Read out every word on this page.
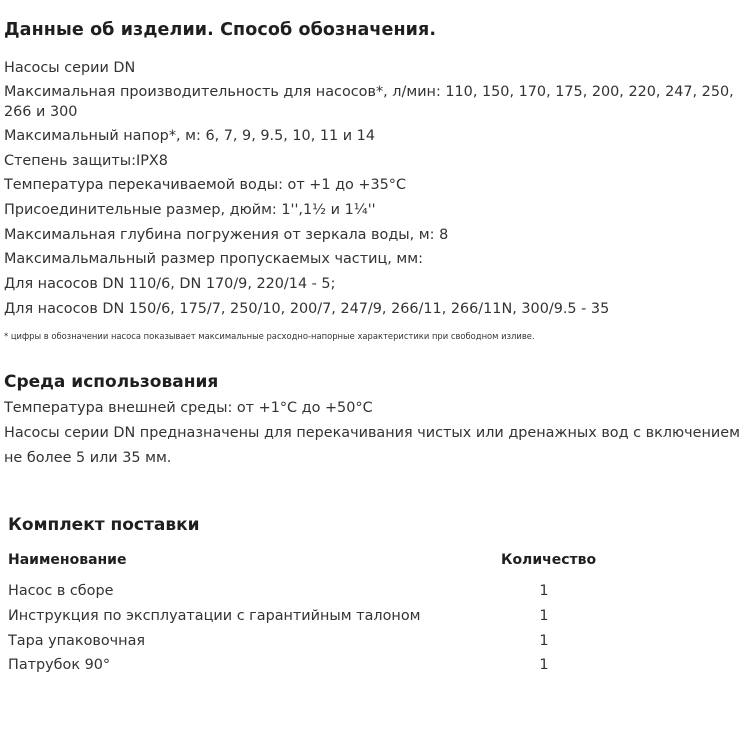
Данные об изделии. Способ обозначения.
Насосы серии DN
Максимальная производительность для насосов*, л/мин: 110, 150, 170, 175, 200, 220, 247, 250,
266 и 300
Максимальный напор*, м: 6, 7, 9, 9.5, 10, 11 и 14
Степень защиты:IPX8
Температура перекачиваемой воды: от +1 до +35°С
Присоединительные размер, дюйм: 1'',1½ и 1¼''
Максимальная глубина погружения от зеркала воды, м: 8
Максимальмальный размер пропускаемых частиц, мм:
Для насосов DN 110/6, DN 170/9, 220/14 - 5;
Для насосов DN 150/6, 175/7, 250/10, 200/7, 247/9, 266/11, 266/11N, 300/9.5 - 35
* цифры в обозначении насоса показывает максимальные расходно-напорные характеристики при свободном изливе.
Среда использования
Температура внешней среды: от +1°С до +50°С
Насосы серии DN предназначены для перекачивания чистых или дренажных вод с включением
не более 5 или 35 мм.
Комплект поставки
Наименование	Количество
Насос в сборе	1
Инструкция по эксплуатации с гарантийным талоном	1
Тара упаковочная	1
Патрубок 90°	1
